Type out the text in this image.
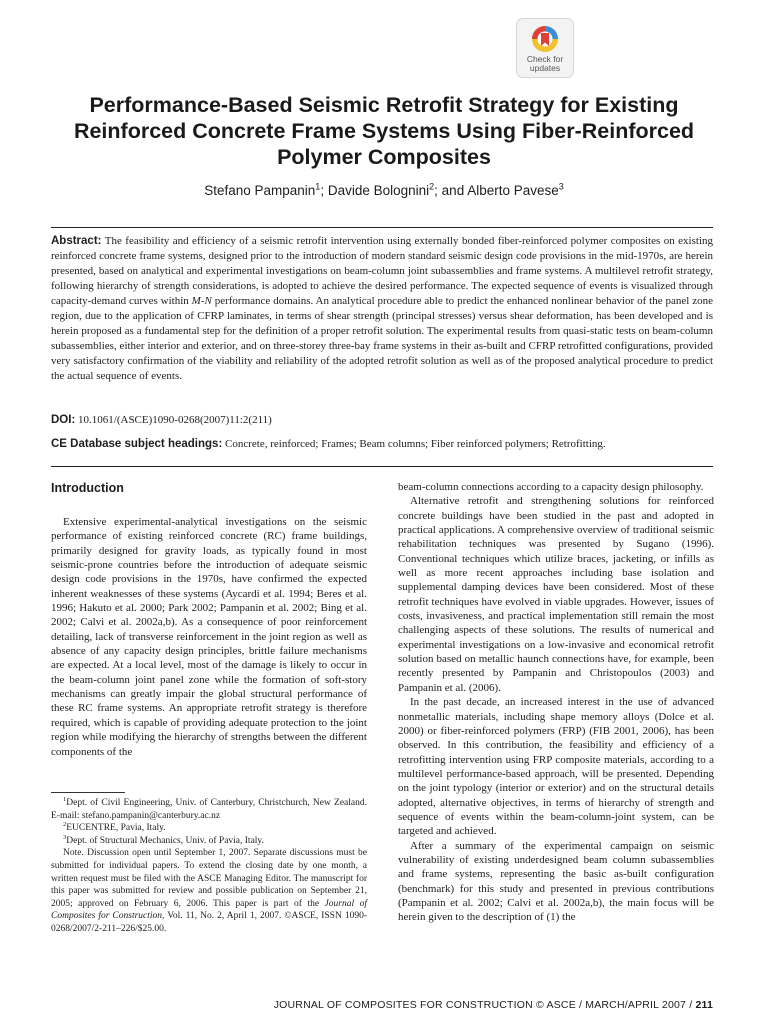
Check for
updates
Performance-Based Seismic Retrofit Strategy for Existing
Reinforced Concrete Frame Systems Using Fiber-Reinforced
Polymer Composites
Stefano Pampanin$^1$; Davide Bolognini$^2$; and Alberto Pavese$^3$

Abstract: The feasibility and efficiency of a seismic retrofit intervention using externally bonded fiber-reinforced polymer composites on existing reinforced concrete frame systems, designed prior to the introduction of modern standard seismic design code provisions in the mid-1970s, are herein presented, based on analytical and experimental investigations on beam-column joint subassemblies and frame systems. A multilevel retrofit strategy, following hierarchy of strength considerations, is adopted to achieve the desired performance. The expected sequence of events is visualized through capacity-demand curves within M-N performance domains. An analytical procedure able to predict the enhanced nonlinear behavior of the panel zone region, due to the application of CFRP laminates, in terms of shear strength (principal stresses) versus shear deformation, has been developed and is herein proposed as a fundamental step for the definition of a proper retrofit solution. The experimental results from quasi-static tests on beam-column subassemblies, either interior and exterior, and on three-storey three-bay frame systems in their as-built and CFRP retrofitted configurations, provided very satisfactory confirmation of the viability and reliability of the adopted retrofit solution as well as of the proposed analytical procedure to predict the actual sequence of events.

DOI: 10.1061/(ASCE)1090-0268(2007)11:2(211)
CE Database subject headings: Concrete, reinforced; Frames; Beam columns; Fiber reinforced polymers; Retrofitting.
Introduction

Extensive experimental-analytical investigations on the seismic performance of existing reinforced concrete (RC) frame buildings, primarily designed for gravity loads, as typically found in most seismic-prone countries before the introduction of adequate seismic design code provisions in the 1970s, have confirmed the expected inherent weaknesses of these systems (Aycardi et al. 1994; Beres et al. 1996; Hakuto et al. 2000; Park 2002; Pampanin et al. 2002; Bing et al. 2002; Calvi et al. 2002a,b). As a consequence of poor reinforcement detailing, lack of transverse reinforcement in the joint region as well as absence of any capacity design principles, brittle failure mechanisms are expected. At a local level, most of the damage is likely to occur in the beam-column joint panel zone while the formation of soft-story mechanisms can greatly impair the global structural performance of these RC frame systems. An appropriate retrofit strategy is therefore required, which is capable of providing adequate protection to the joint region while modifying the hierarchy of strengths between the different components of the

$^1$Dept. of Civil Engineering, Univ. of Canterbury, Christchurch, New Zealand. E-mail: stefano.pampanin@canterbury.ac.nz

$^2$EUCENTRE, Pavia, Italy.

$^3$Dept. of Structural Mechanics, Univ. of Pavia, Italy.

Note. Discussion open until September 1, 2007. Separate discussions must be submitted for individual papers. To extend the closing date by one month, a written request must be filed with the ASCE Managing Editor. The manuscript for this paper was submitted for review and possible publication on September 21, 2005; approved on February 6, 2006. This paper is part of the Journal of Composites for Construction, Vol. 11, No. 2, April 1, 2007. ©ASCE, ISSN 1090-0268/2007/2-211–226/$25.00.

beam-column connections according to a capacity design philosophy.

Alternative retrofit and strengthening solutions for reinforced concrete buildings have been studied in the past and adopted in practical applications. A comprehensive overview of traditional seismic rehabilitation techniques was presented by Sugano (1996). Conventional techniques which utilize braces, jacketing, or infills as well as more recent approaches including base isolation and supplemental damping devices have been considered. Most of these retrofit techniques have evolved in viable upgrades. However, issues of costs, invasiveness, and practical implementation still remain the most challenging aspects of these solutions. The results of numerical and experimental investigations on a low-invasive and economical retrofit solution based on metallic haunch connections have, for example, been recently presented by Pampanin and Christopoulos (2003) and Pampanin et al. (2006).

In the past decade, an increased interest in the use of advanced nonmetallic materials, including shape memory alloys (Dolce et al. 2000) or fiber-reinforced polymers (FRP) (FIB 2001, 2006), has been observed. In this contribution, the feasibility and efficiency of a retrofitting intervention using FRP composite materials, according to a multilevel performance-based approach, will be presented. Depending on the joint typology (interior or exterior) and on the structural details adopted, alternative objectives, in terms of hierarchy of strength and sequence of events within the beam-column-joint system, can be targeted and achieved.

After a summary of the experimental campaign on seismic vulnerability of existing underdesigned beam column subassemblies and frame systems, representing the basic as-built configuration (benchmark) for this study and presented in previous contributions (Pampanin et al. 2002; Calvi et al. 2002a,b), the main focus will be herein given to the description of (1) the

JOURNAL OF COMPOSITES FOR CONSTRUCTION © ASCE / MARCH/APRIL 2007 / 211
